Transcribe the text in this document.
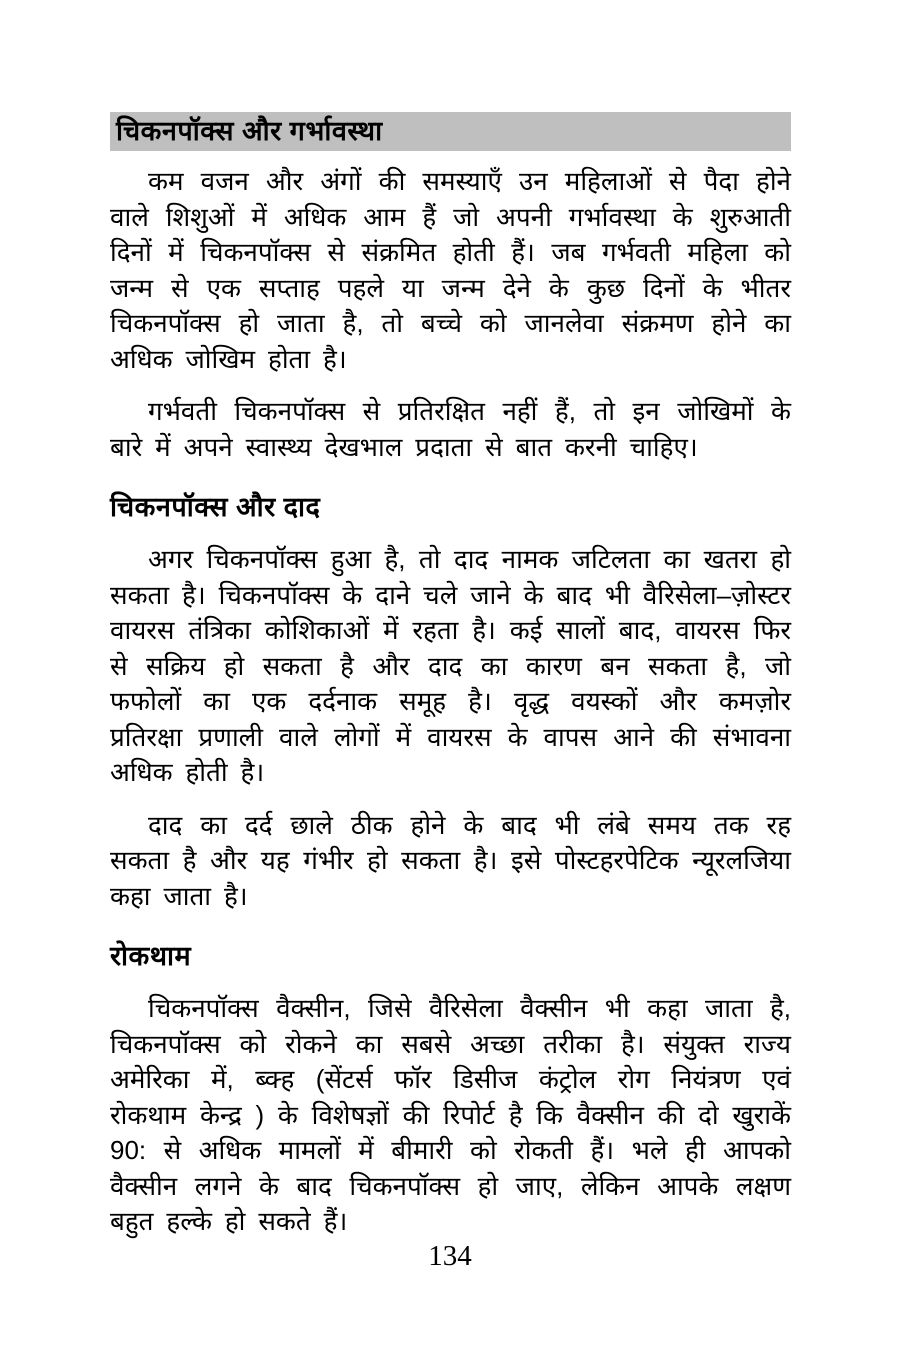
चिकनपॉक्स और गर्भावस्था

कम वजन और अंगों की समस्याएँ उन महिलाओं से पैदा होने वाले शिशुओं में अधिक आम हैं जो अपनी गर्भावस्था के शुरुआती दिनों में चिकनपॉक्स से संक्रमित होती हैं। जब गर्भवती महिला को जन्म से एक सप्ताह पहले या जन्म देने के कुछ दिनों के भीतर चिकनपॉक्स हो जाता है, तो बच्चे को जानलेवा संक्रमण होने का अधिक जोखिम होता है।

गर्भवती चिकनपॉक्स से प्रतिरक्षित नहीं हैं, तो इन जोखिमों के बारे में अपने स्वास्थ्य देखभाल प्रदाता से बात करनी चाहिए।

चिकनपॉक्स और दाद

अगर चिकनपॉक्स हुआ है, तो दाद नामक जटिलता का खतरा हो सकता है। चिकनपॉक्स के दाने चले जाने के बाद भी वैरिसेला–ज़ोस्टर वायरस तंत्रिका कोशिकाओं में रहता है। कई सालों बाद, वायरस फिर से सक्रिय हो सकता है और दाद का कारण बन सकता है, जो फफोलों का एक दर्दनाक समूह है। वृद्ध वयस्कों और कमज़ोर प्रतिरक्षा प्रणाली वाले लोगों में वायरस के वापस आने की संभावना अधिक होती है।

दाद का दर्द छाले ठीक होने के बाद भी लंबे समय तक रह सकता है और यह गंभीर हो सकता है। इसे पोस्टहरपेटिक न्यूरलजिया कहा जाता है।

रोकथाम

चिकनपॉक्स वैक्सीन, जिसे वैरिसेला वैक्सीन भी कहा जाता है, चिकनपॉक्स को रोकने का सबसे अच्छा तरीका है। संयुक्त राज्य अमेरिका में, ब्क्ह (सेंटर्स फॉर डिसीज कंट्रोल रोग नियंत्रण एवं रोकथाम केन्द्र ) के विशेषज्ञों की रिपोर्ट है कि वैक्सीन की दो खुराकें 90: से अधिक मामलों में बीमारी को रोकती हैं। भले ही आपको वैक्सीन लगने के बाद चिकनपॉक्स हो जाए, लेकिन आपके लक्षण बहुत हल्के हो सकते हैं।

134
